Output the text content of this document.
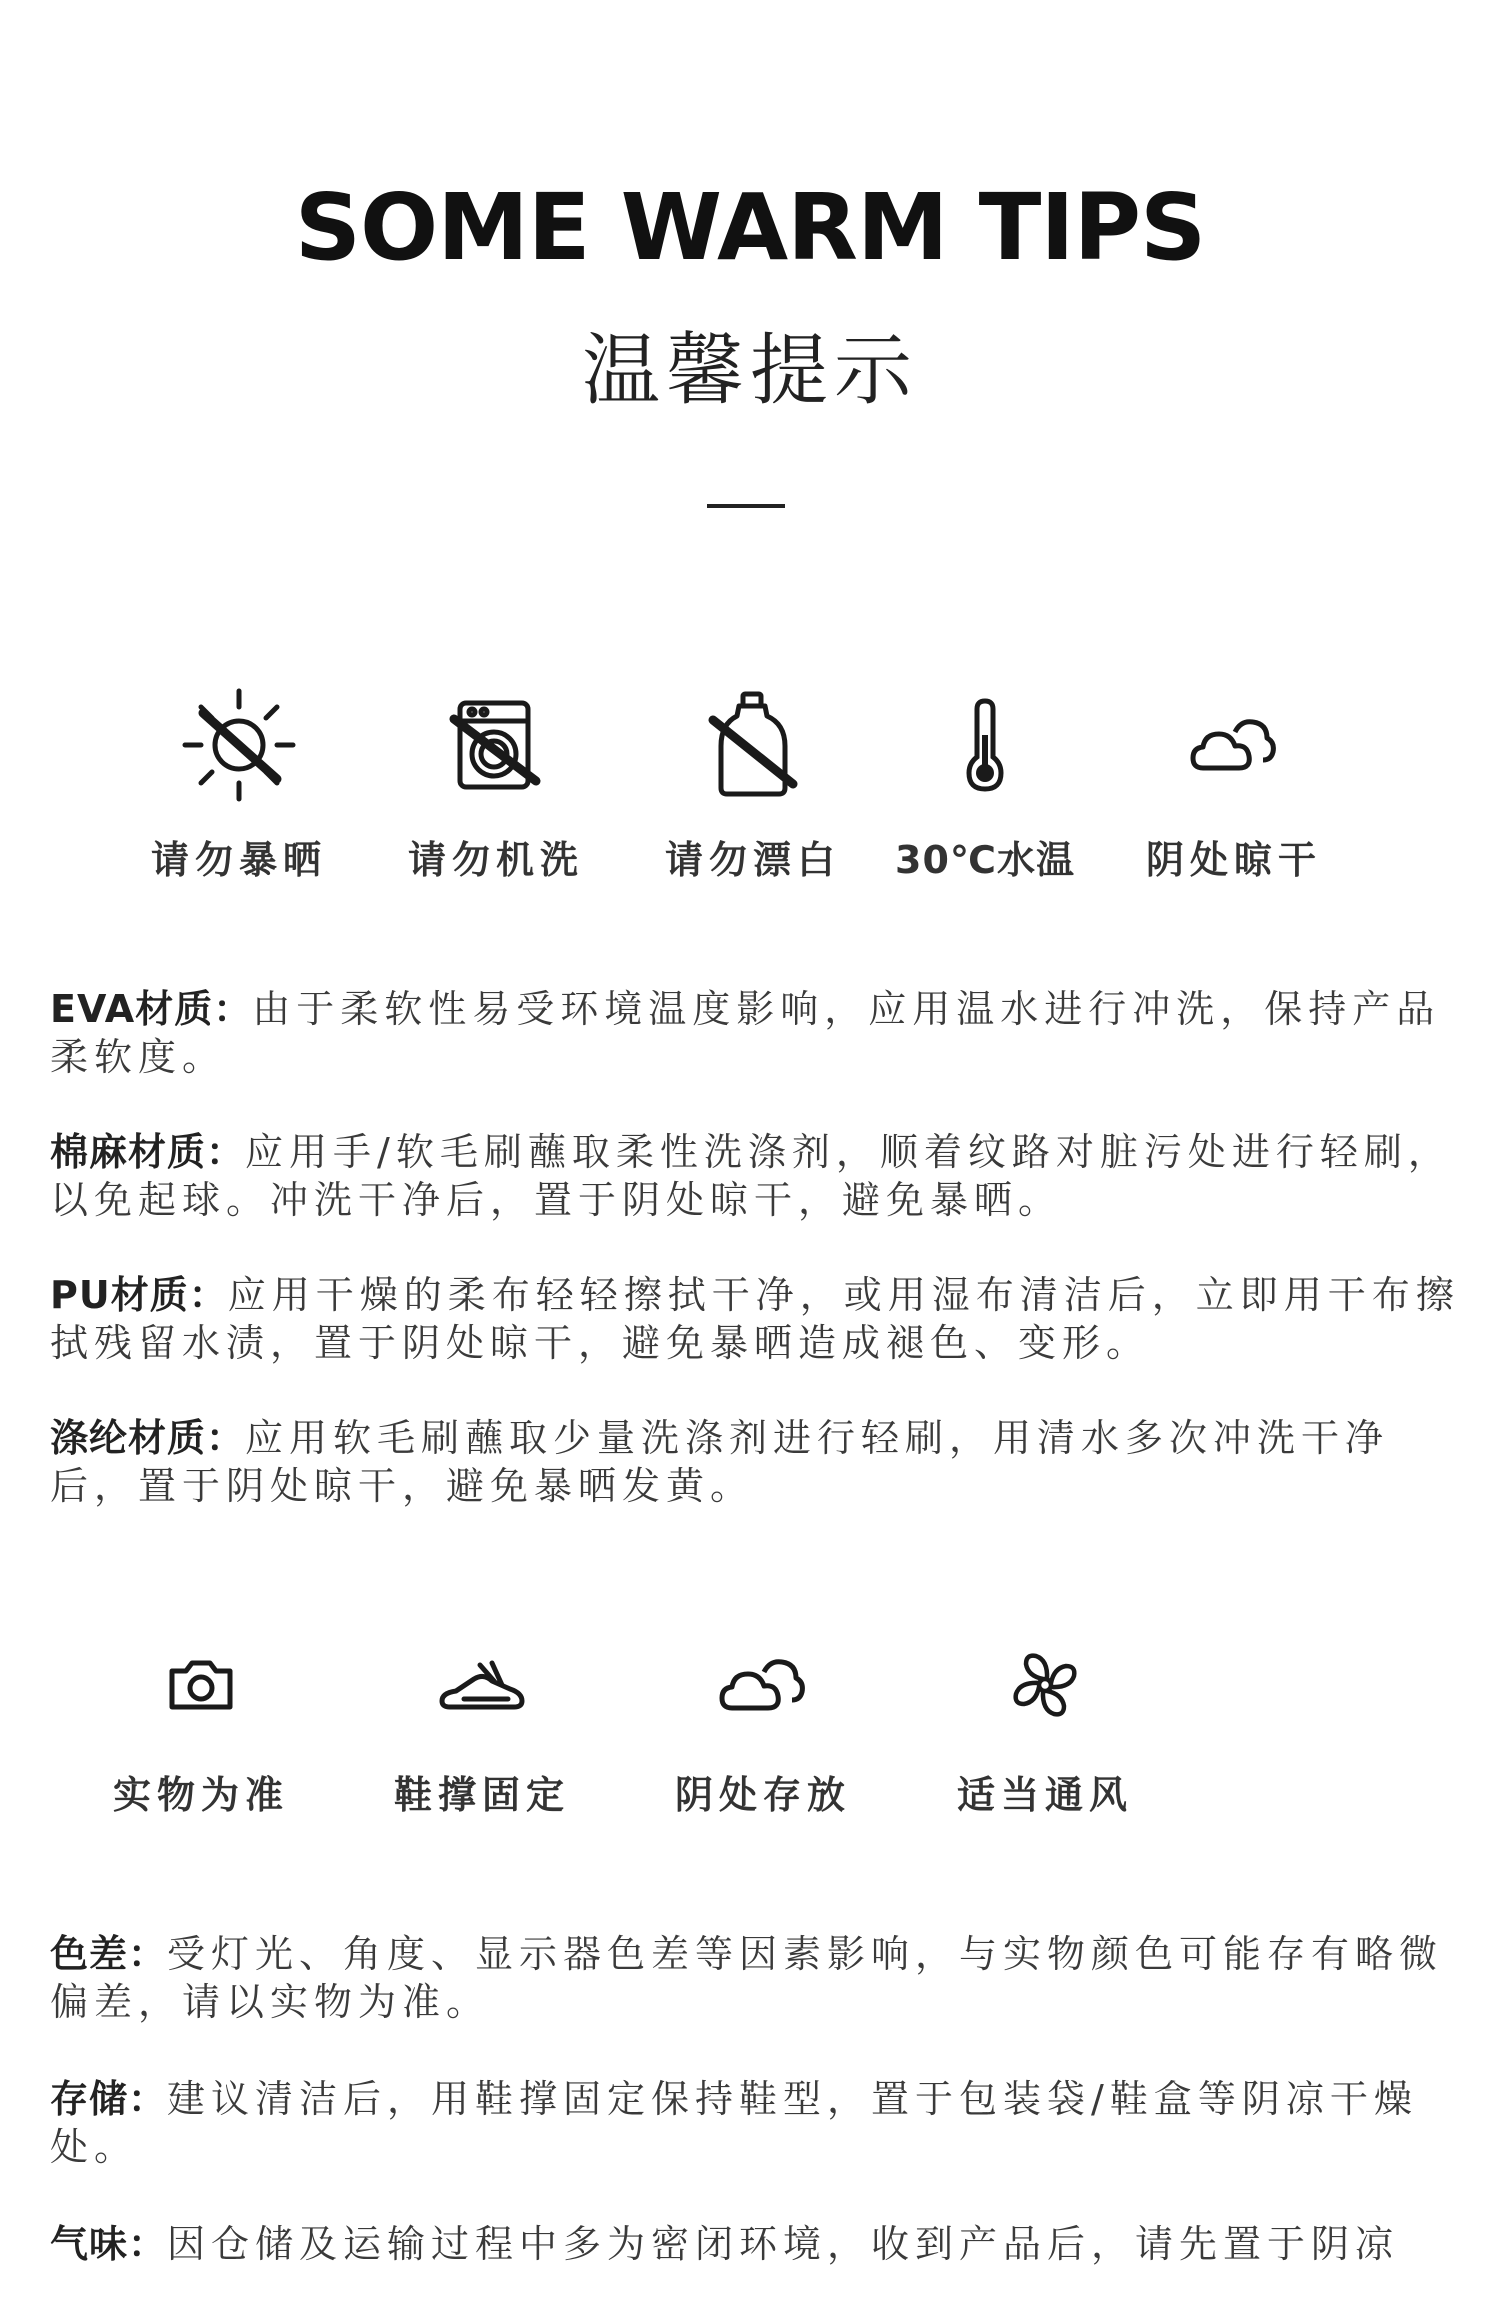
SOME WARM TIPS
温馨提示
请勿暴晒	请勿机洗	请勿漂白	30℃水温	阴处晾干
EVA材质：由于柔软性易受环境温度影响，应用温水进行冲洗，保持产品柔软度。
棉麻材质：应用手/软毛刷蘸取柔性洗涤剂，顺着纹路对脏污处进行轻刷，以免起球。冲洗干净后，置于阴处晾干，避免暴晒。
PU材质：应用干燥的柔布轻轻擦拭干净，或用湿布清洁后，立即用干布擦拭残留水渍，置于阴处晾干，避免暴晒造成褪色、变形。
涤纶材质：应用软毛刷蘸取少量洗涤剂进行轻刷，用清水多次冲洗干净后，置于阴处晾干，避免暴晒发黄。
实物为准	鞋撑固定	阴处存放	适当通风
色差：受灯光、角度、显示器色差等因素影响，与实物颜色可能存有略微偏差，请以实物为准。
存储：建议清洁后，用鞋撑固定保持鞋型，置于包装袋/鞋盒等阴凉干燥处。
气味：因仓储及运输过程中多为密闭环境，收到产品后，请先置于阴凉
